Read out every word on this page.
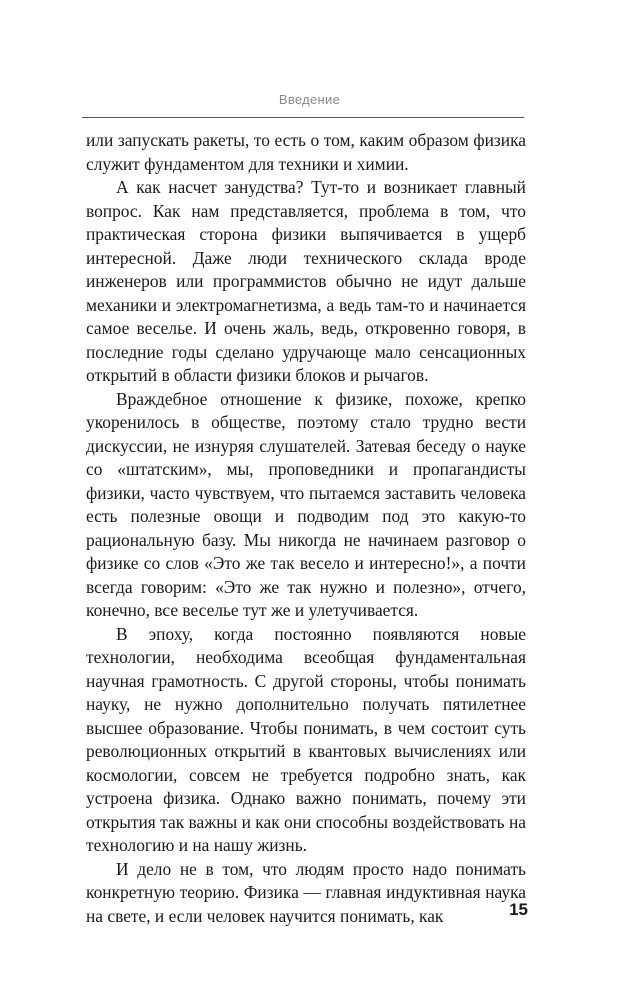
Введение

или запускать ракеты, то есть о том, каким образом физика служит фундаментом для техники и химии.

А как насчет занудства? Тут-то и возникает главный вопрос. Как нам представляется, проблема в том, что практическая сторона физики выпячивается в ущерб интересной. Даже люди технического склада вроде инженеров или программистов обычно не идут дальше механики и электромагнетизма, а ведь там-то и начинается самое веселье. И очень жаль, ведь, откровенно говоря, в последние годы сделано удручающе мало сенсационных открытий в области физики блоков и рычагов.

Враждебное отношение к физике, похоже, крепко укоренилось в обществе, поэтому стало трудно вести дискуссии, не изнуряя слушателей. Затевая беседу о науке со «штатским», мы, проповедники и пропагандисты физики, часто чувствуем, что пытаемся заставить человека есть полезные овощи и подводим под это какую-то рациональную базу. Мы никогда не начинаем разговор о физике со слов «Это же так весело и интересно!», а почти всегда говорим: «Это же так нужно и полезно», отчего, конечно, все веселье тут же и улетучивается.

В эпоху, когда постоянно появляются новые технологии, необходима всеобщая фундаментальная научная грамотность. С другой стороны, чтобы понимать науку, не нужно дополнительно получать пятилетнее высшее образование. Чтобы понимать, в чем состоит суть революционных открытий в квантовых вычислениях или космологии, совсем не требуется подробно знать, как устроена физика. Однако важно понимать, почему эти открытия так важны и как они способны воздействовать на технологию и на нашу жизнь.

И дело не в том, что людям просто надо понимать конкретную теорию. Физика — главная индуктивная наука на свете, и если человек научится понимать, как	15
